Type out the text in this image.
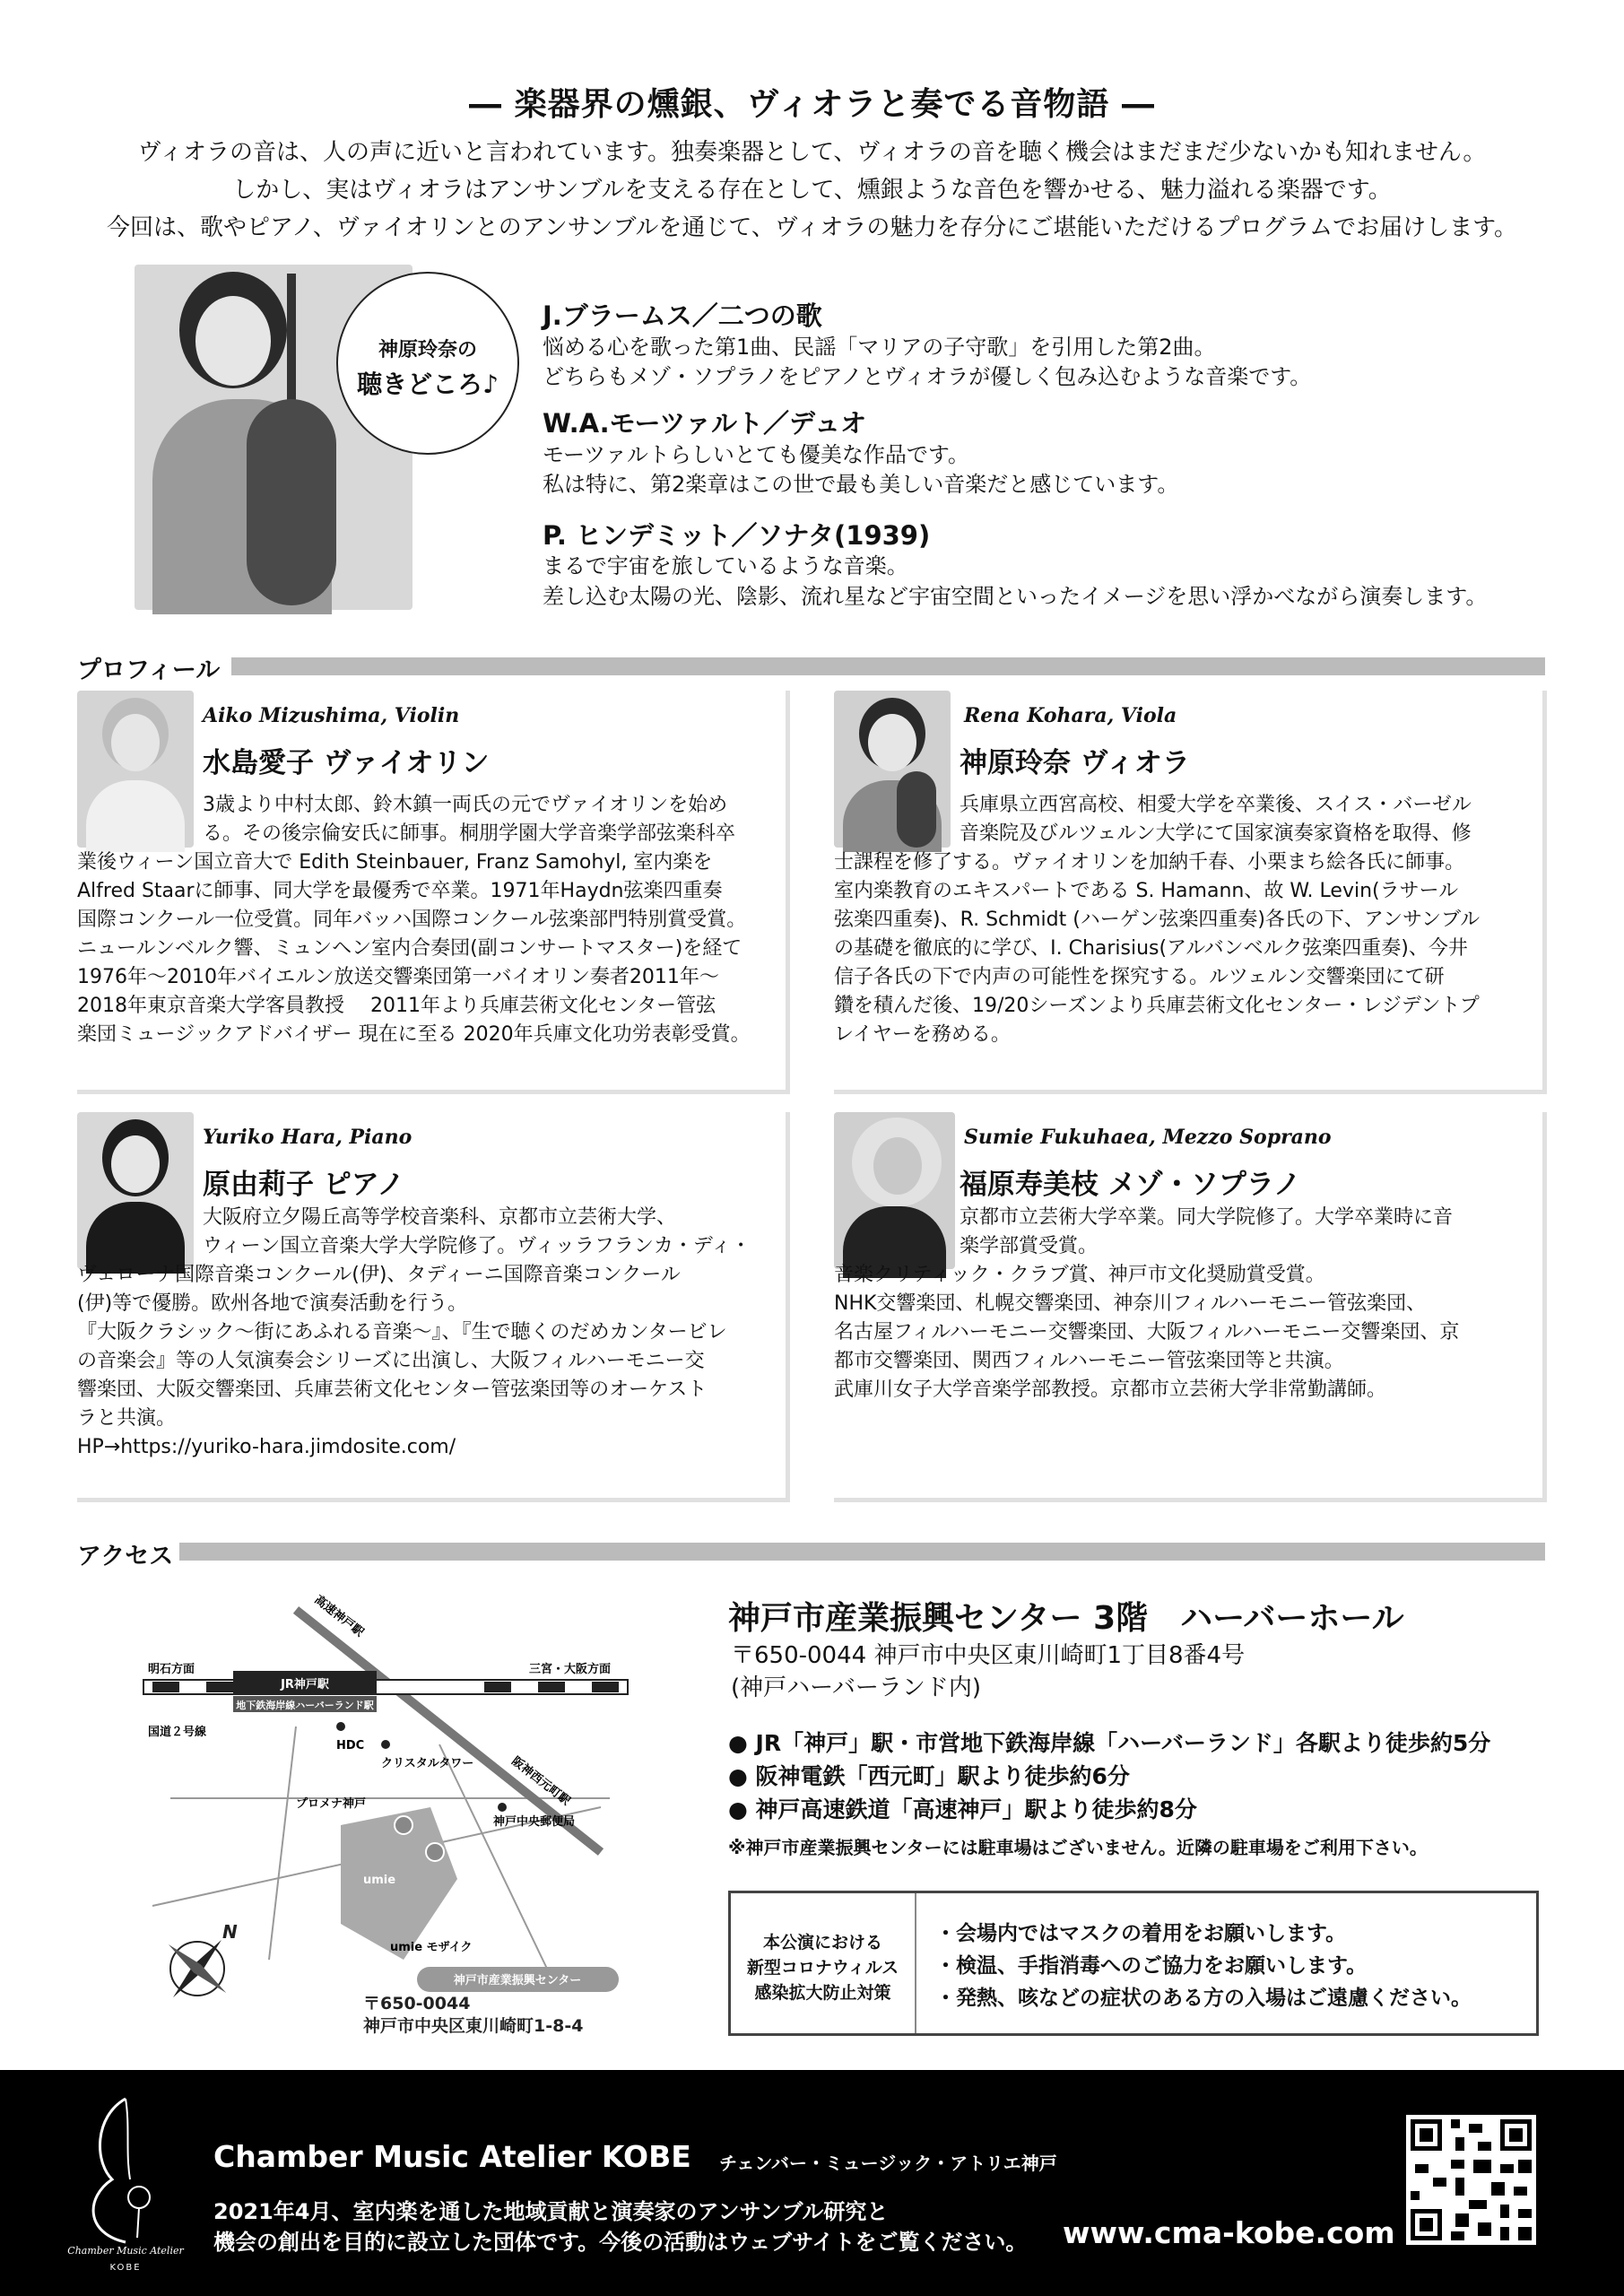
― 楽器界の燻銀、ヴィオラと奏でる音物語 ―
ヴィオラの音は、人の声に近いと言われています。独奏楽器として、ヴィオラの音を聴く機会はまだまだ少ないかも知れません。
しかし、実はヴィオラはアンサンブルを支える存在として、燻銀ような音色を響かせる、魅力溢れる楽器です。
今回は、歌やピアノ、ヴァイオリンとのアンサンブルを通じて、ヴィオラの魅力を存分にご堪能いただけるプログラムでお届けします。
神原玲奈の
聴きどころ♪
J.ブラームス／二つの歌
悩める心を歌った第1曲、民謡「マリアの子守歌」を引用した第2曲。
どちらもメゾ・ソプラノをピアノとヴィオラが優しく包み込むような音楽です。
W.A.モーツァルト／デュオ
モーツァルトらしいとても優美な作品です。
私は特に、第2楽章はこの世で最も美しい音楽だと感じています。
P. ヒンデミット／ソナタ(1939)
まるで宇宙を旅しているような音楽。
差し込む太陽の光、陰影、流れ星など宇宙空間といったイメージを思い浮かべながら演奏します。
プロフィール
Aiko Mizushima, Violin
水島愛子 ヴァイオリン
3歳より中村太郎、鈴木鎮一両氏の元でヴァイオリンを始め
る。その後宗倫安氏に師事。桐朋学園大学音楽学部弦楽科卒
業後ウィーン国立音大で Edith Steinbauer, Franz Samohyl, 室内楽を
Alfred Staarに師事、同大学を最優秀で卒業。1971年Haydn弦楽四重奏
国際コンクール一位受賞。同年バッハ国際コンクール弦楽部門特別賞受賞。
ニュールンベルク響、ミュンヘン室内合奏団(副コンサートマスター)を経て
1976年～2010年バイエルン放送交響楽団第一バイオリン奏者2011年～
2018年東京音楽大学客員教授　 2011年より兵庫芸術文化センター管弦
楽団ミュージックアドバイザー 現在に至る 2020年兵庫文化功労表彰受賞。
Rena Kohara, Viola
神原玲奈 ヴィオラ
兵庫県立西宮高校、相愛大学を卒業後、スイス・バーゼル
音楽院及びルツェルン大学にて国家演奏家資格を取得、修
士課程を修了する。ヴァイオリンを加納千春、小栗まち絵各氏に師事。
室内楽教育のエキスパートである S. Hamann、故 W. Levin(ラサール
弦楽四重奏)、R. Schmidt (ハーゲン弦楽四重奏)各氏の下、アンサンブル
の基礎を徹底的に学び、I. Charisius(アルバンベルク弦楽四重奏)、今井
信子各氏の下で内声の可能性を探究する。ルツェルン交響楽団にて研
鑽を積んだ後、19/20シーズンより兵庫芸術文化センター・レジデントプ
レイヤーを務める。
Yuriko Hara, Piano
原由莉子 ピアノ
大阪府立夕陽丘高等学校音楽科、京都市立芸術大学、
ウィーン国立音楽大学大学院修了。ヴィッラフランカ・ディ・
ヴェローナ国際音楽コンクール(伊)、タディーニ国際音楽コンクール
(伊)等で優勝。欧州各地で演奏活動を行う。
『大阪クラシック～街にあふれる音楽～』、『生で聴くのだめカンタービレ
の音楽会』等の人気演奏会シリーズに出演し、大阪フィルハーモニー交
響楽団、大阪交響楽団、兵庫芸術文化センター管弦楽団等のオーケスト
ラと共演。
HP→https://yuriko-hara.jimdosite.com/
Sumie Fukuhaea, Mezzo Soprano
福原寿美枝 メゾ・ソプラノ
京都市立芸術大学卒業。同大学院修了。大学卒業時に音
楽学部賞受賞。
音楽クリティック・クラブ賞、神戸市文化奨励賞受賞。
NHK交響楽団、札幌交響楽団、神奈川フィルハーモニー管弦楽団、
名古屋フィルハーモニー交響楽団、大阪フィルハーモニー交響楽団、京
都市交響楽団、関西フィルハーモニー管弦楽団等と共演。
武庫川女子大学音楽学部教授。京都市立芸術大学非常勤講師。
アクセス
JR神戸駅
地下鉄海岸線ハーバーランド駅
明石方面	三宮・大阪方面
高速神戸駅
阪神西元町駅
国道２号線
HDC
クリスタルタワー
プロメナ神戸
神戸中央郵便局
umie
umie モザイク
神戸市産業振興センター
N
〒650-0044
神戸市中央区東川崎町1-8-4
神戸市産業振興センター 3階　ハーバーホール
〒650-0044 神戸市中央区東川崎町1丁目8番4号
(神戸ハーバーランド内)
● JR「神戸」駅・市営地下鉄海岸線「ハーバーランド」各駅より徒歩約5分
● 阪神電鉄「西元町」駅より徒歩約6分
● 神戸高速鉄道「高速神戸」駅より徒歩約8分
※神戸市産業振興センターには駐車場はございません。近隣の駐車場をご利用下さい。
本公演における
新型コロナウィルス
感染拡大防止対策
・会場内ではマスクの着用をお願いします。
・検温、手指消毒へのご協力をお願いします。
・発熱、咳などの症状のある方の入場はご遠慮ください。
Chamber Music Atelier
KOBE
Chamber Music Atelier KOBE チェンバー・ミュージック・アトリエ神戸
2021年4月、室内楽を通した地域貢献と演奏家のアンサンブル研究と
機会の創出を目的に設立した団体です。今後の活動はウェブサイトをご覧ください。 www.cma-kobe.com
